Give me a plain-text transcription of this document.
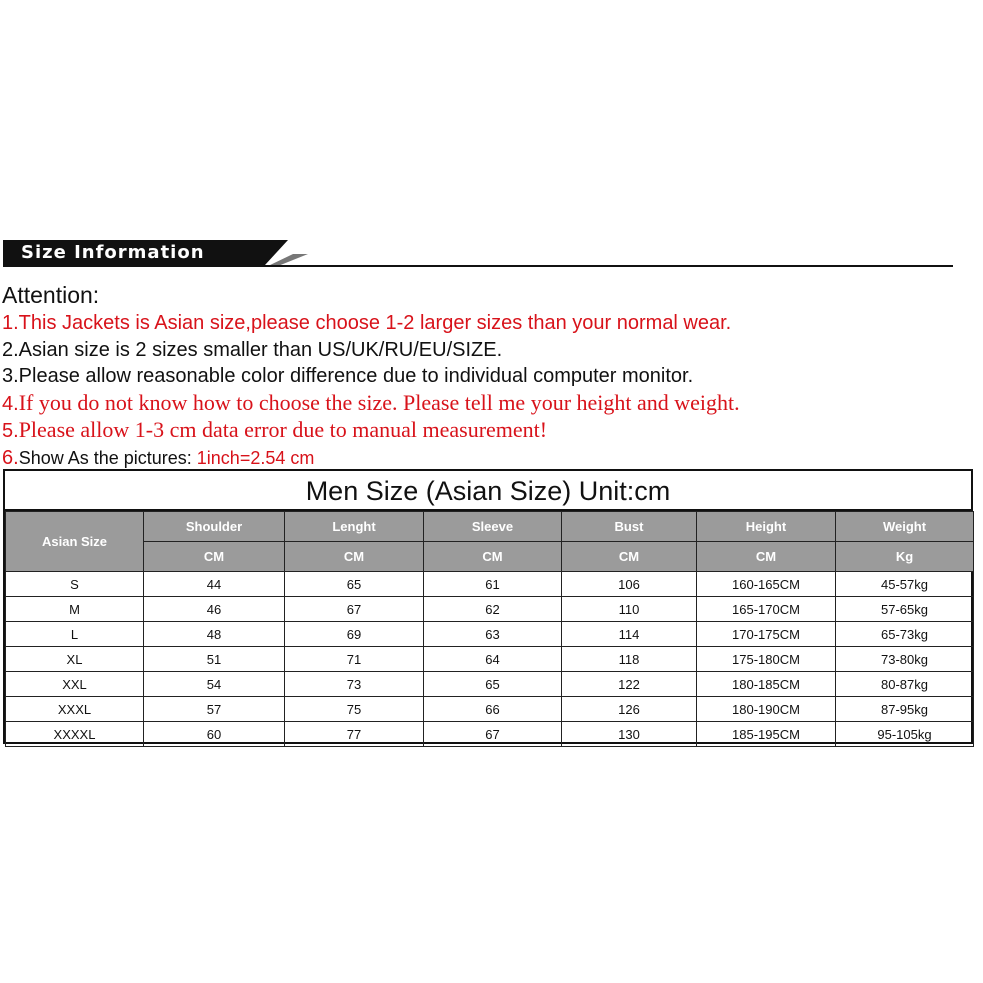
Size Information
Attention:
1.This Jackets is Asian size,please choose 1-2 larger sizes than your normal wear.
2.Asian size is 2 sizes smaller than US/UK/RU/EU/SIZE.
3.Please allow reasonable color difference due to individual computer monitor.
4.If you do not know how to choose the size. Please tell me your height and weight.
5.Please allow 1-3 cm data error due to manual measurement!
6.Show As the pictures: 1inch=2.54 cm
Men Size (Asian Size) Unit:cm
Asian Size	Shoulder	Lenght	Sleeve	Bust	Height	Weight
	CM	CM	CM	CM	CM	Kg
S	44	65	61	106	160-165CM	45-57kg
M	46	67	62	110	165-170CM	57-65kg
L	48	69	63	114	170-175CM	65-73kg
XL	51	71	64	118	175-180CM	73-80kg
XXL	54	73	65	122	180-185CM	80-87kg
XXXL	57	75	66	126	180-190CM	87-95kg
XXXXL	60	77	67	130	185-195CM	95-105kg
